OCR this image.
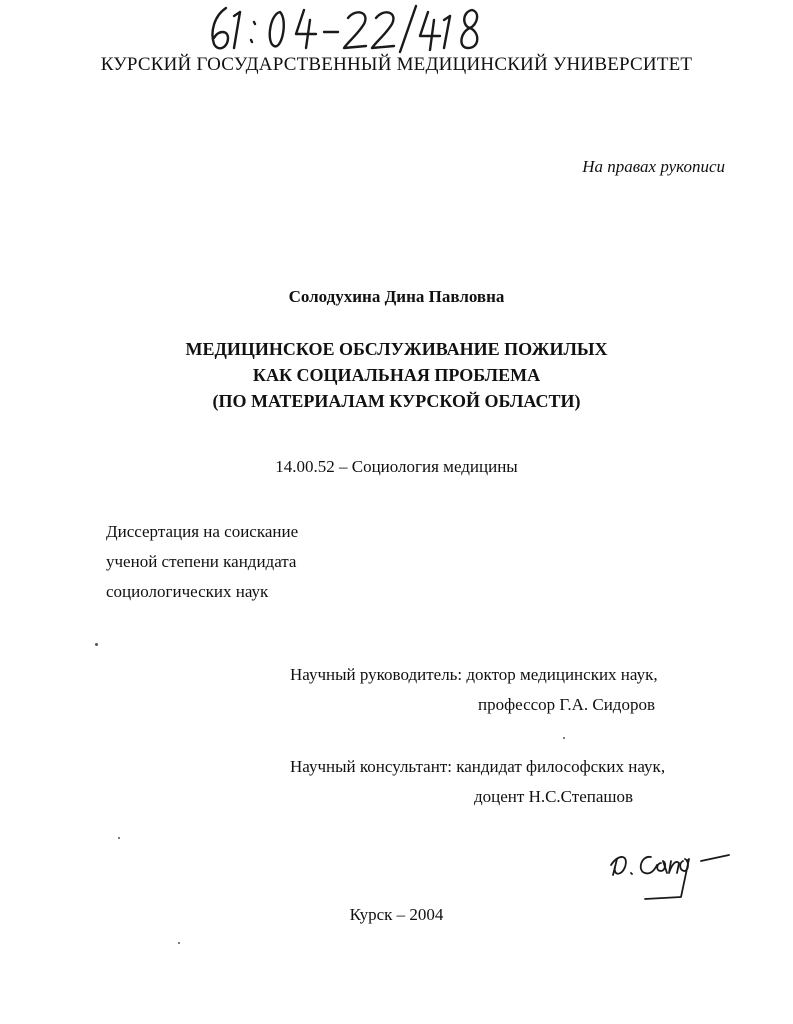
КУРСКИЙ ГОСУДАРСТВЕННЫЙ МЕДИЦИНСКИЙ УНИВЕРСИТЕТ
На правах рукописи
Солодухина Дина Павловна
МЕДИЦИНСКОЕ ОБСЛУЖИВАНИЕ ПОЖИЛЫХ
КАК СОЦИАЛЬНАЯ ПРОБЛЕМА
(ПО МАТЕРИАЛАМ КУРСКОЙ ОБЛАСТИ)
14.00.52 – Социология медицины
Диссертация на соискание
ученой степени кандидата
социологических наук
Научный руководитель: доктор медицинских наук,
профессор Г.А. Сидоров
Научный консультант: кандидат философских наук,
доцент Н.С.Степашов
Курск – 2004
